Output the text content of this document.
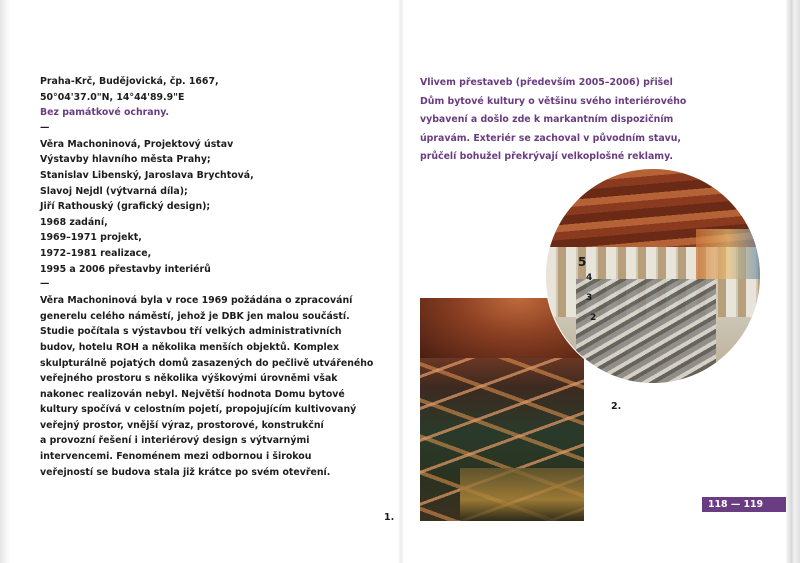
Praha-Krč, Budějovická, čp. 1667,
50°04'37.0"N, 14°44'89.9"E
Bez památkové ochrany.
—
Věra Machoninová, Projektový ústav
Výstavby hlavního města Prahy;
Stanislav Libenský, Jaroslava Brychtová,
Slavoj Nejdl (výtvarná díla);
Jiří Rathouský (grafický design);
1968 zadání,
1969–1971 projekt,
1972–1981 realizace,
1995 a 2006 přestavby interiérů
—
Věra Machoninová byla v roce 1969 požádána o zpracování
generelu celého náměstí, jehož je DBK jen malou součástí.
Studie počítala s výstavbou tří velkých administrativních
budov, hotelu ROH a několika menších objektů. Komplex
skulpturálně pojatých domů zasazených do pečlivě utvářeného
veřejného prostoru s několika výškovými úrovněmi však
nakonec realizován nebyl. Největší hodnota Domu bytové
kultury spočívá v celostním pojetí, propojujícím kultivovaný
veřejný prostor, vnější výraz, prostorové, konstrukční
a provozní řešení i interiérový design s výtvarnými
intervencemi. Fenoménem mezi odbornou i širokou
veřejností se budova stala již krátce po svém otevření.
Vlivem přestaveb (především 2005–2006) přišel
Dům bytové kultury o většinu svého interiérového
vybavení a došlo zde k markantním dispozičním
úpravám. Exteriér se zachoval v původním stavu,
průčelí bohužel překrývají velkoplošné reklamy.
5
4
3
2
1.
2.
118 — 119
